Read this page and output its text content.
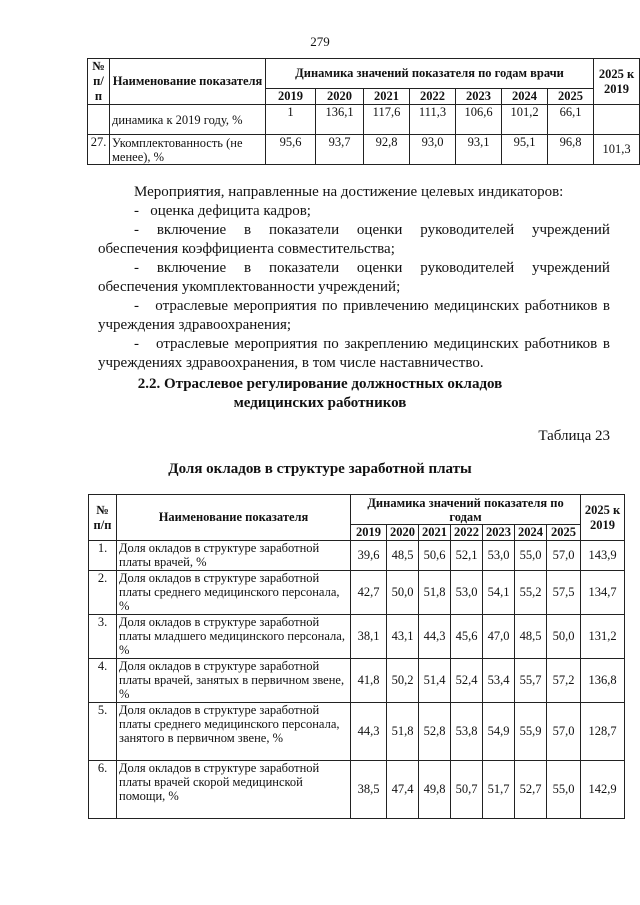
279
№ п/п	Наименование показателя	Динамика значений показателя по годам врачи							2025 к 2019
		2019	2020	2021	2022	2023	2024	2025	
	динамика к 2019 году, %	1	136,1	117,6	111,3	106,6	101,2	66,1	
27.	Укомплектованность (не менее), %	95,6	93,7	92,8	93,0	93,1	95,1	96,8	101,3

Мероприятия, направленные на достижение целевых индикаторов:

-   оценка дефицита кадров;

- включение в показатели оценки руководителей учреждений

обеспечения коэффициента совместительства;

- включение в показатели оценки руководителей учреждений

обеспечения укомплектованности учреждений;

-   отраслевые мероприятия по привлечению медицинских работников в учреждения здравоохранения;

-   отраслевые мероприятия по закреплению медицинских работников в учреждениях здравоохранения, в том числе наставничество.

2.2. Отраслевое регулирование должностных окладов
медицинских работников
Таблица 23
Доля окладов в структуре заработной платы
№ п/п	Наименование показателя	Динамика значений показателя по годам							2025 к 2019
		2019	2020	2021	2022	2023	2024	2025	
1.	Доля окладов в структуре заработной платы врачей, %	39,6	48,5	50,6	52,1	53,0	55,0	57,0	143,9
2.	Доля окладов в структуре заработной платы среднего медицинского персонала, %	42,7	50,0	51,8	53,0	54,1	55,2	57,5	134,7
3.	Доля окладов в структуре заработной платы младшего медицинского персонала, %	38,1	43,1	44,3	45,6	47,0	48,5	50,0	131,2
4.	Доля окладов в структуре заработной платы врачей, занятых в первичном звене, %	41,8	50,2	51,4	52,4	53,4	55,7	57,2	136,8
5.	Доля окладов в структуре заработной платы среднего медицинского персонала, занятого в первичном звене, %	44,3	51,8	52,8	53,8	54,9	55,9	57,0	128,7
6.	Доля окладов в структуре заработной платы врачей скорой медицинской помощи, %	38,5	47,4	49,8	50,7	51,7	52,7	55,0	142,9
